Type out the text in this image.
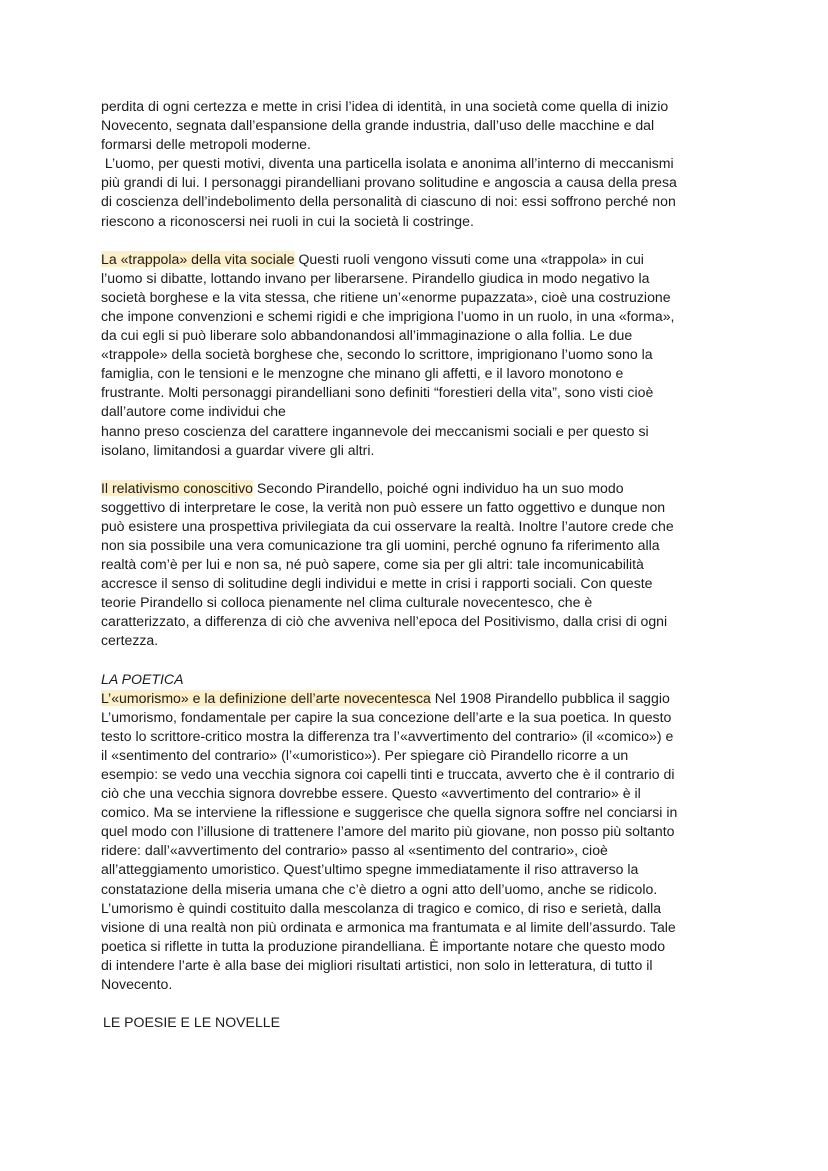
perdita di ogni certezza e mette in crisi l’idea di identità, in una società come quella di inizio
Novecento, segnata dall’espansione della grande industria, dall’uso delle macchine e dal
formarsi delle metropoli moderne.
L’uomo, per questi motivi, diventa una particella isolata e anonima all’interno di meccanismi
più grandi di lui. I personaggi pirandelliani provano solitudine e angoscia a causa della presa
di coscienza dell’indebolimento della personalità di ciascuno di noi: essi soffrono perché non
riescono a riconoscersi nei ruoli in cui la società li costringe.
La «trappola» della vita sociale Questi ruoli vengono vissuti come una «trappola» in cui
l’uomo si dibatte, lottando invano per liberarsene. Pirandello giudica in modo negativo la
società borghese e la vita stessa, che ritiene un’«enorme pupazzata», cioè una costruzione
che impone convenzioni e schemi rigidi e che imprigiona l’uomo in un ruolo, in una «forma»,
da cui egli si può liberare solo abbandonandosi all’immaginazione o alla follia. Le due
«trappole» della società borghese che, secondo lo scrittore, imprigionano l’uomo sono la
famiglia, con le tensioni e le menzogne che minano gli affetti, e il lavoro monotono e
frustrante. Molti personaggi pirandelliani sono definiti “forestieri della vita”, sono visti cioè
dall’autore come individui che
hanno preso coscienza del carattere ingannevole dei meccanismi sociali e per questo si
isolano, limitandosi a guardar vivere gli altri.
Il relativismo conoscitivo Secondo Pirandello, poiché ogni individuo ha un suo modo
soggettivo di interpretare le cose, la verità non può essere un fatto oggettivo e dunque non
può esistere una prospettiva privilegiata da cui osservare la realtà. Inoltre l’autore crede che
non sia possibile una vera comunicazione tra gli uomini, perché ognuno fa riferimento alla
realtà com’è per lui e non sa, né può sapere, come sia per gli altri: tale incomunicabilità
accresce il senso di solitudine degli individui e mette in crisi i rapporti sociali. Con queste
teorie Pirandello si colloca pienamente nel clima culturale novecentesco, che è
caratterizzato, a differenza di ciò che avveniva nell’epoca del Positivismo, dalla crisi di ogni
certezza.
LA POETICA
L’«umorismo» e la definizione dell’arte novecentesca Nel 1908 Pirandello pubblica il saggio
L’umorismo, fondamentale per capire la sua concezione dell’arte e la sua poetica. In questo
testo lo scrittore-critico mostra la differenza tra l’«avvertimento del contrario» (il «comico») e
il «sentimento del contrario» (l’«umoristico»). Per spiegare ciò Pirandello ricorre a un
esempio: se vedo una vecchia signora coi capelli tinti e truccata, avverto che è il contrario di
ciò che una vecchia signora dovrebbe essere. Questo «avvertimento del contrario» è il
comico. Ma se interviene la riflessione e suggerisce che quella signora soffre nel conciarsi in
quel modo con l’illusione di trattenere l’amore del marito più giovane, non posso più soltanto
ridere: dall’«avvertimento del contrario» passo al «sentimento del contrario», cioè
all’atteggiamento umoristico. Quest’ultimo spegne immediatamente il riso attraverso la
constatazione della miseria umana che c’è dietro a ogni atto dell’uomo, anche se ridicolo.
L’umorismo è quindi costituito dalla mescolanza di tragico e comico, di riso e serietà, dalla
visione di una realtà non più ordinata e armonica ma frantumata e al limite dell’assurdo. Tale
poetica si riflette in tutta la produzione pirandelliana. È importante notare che questo modo
di intendere l’arte è alla base dei migliori risultati artistici, non solo in letteratura, di tutto il
Novecento.
LE POESIE E LE NOVELLE
